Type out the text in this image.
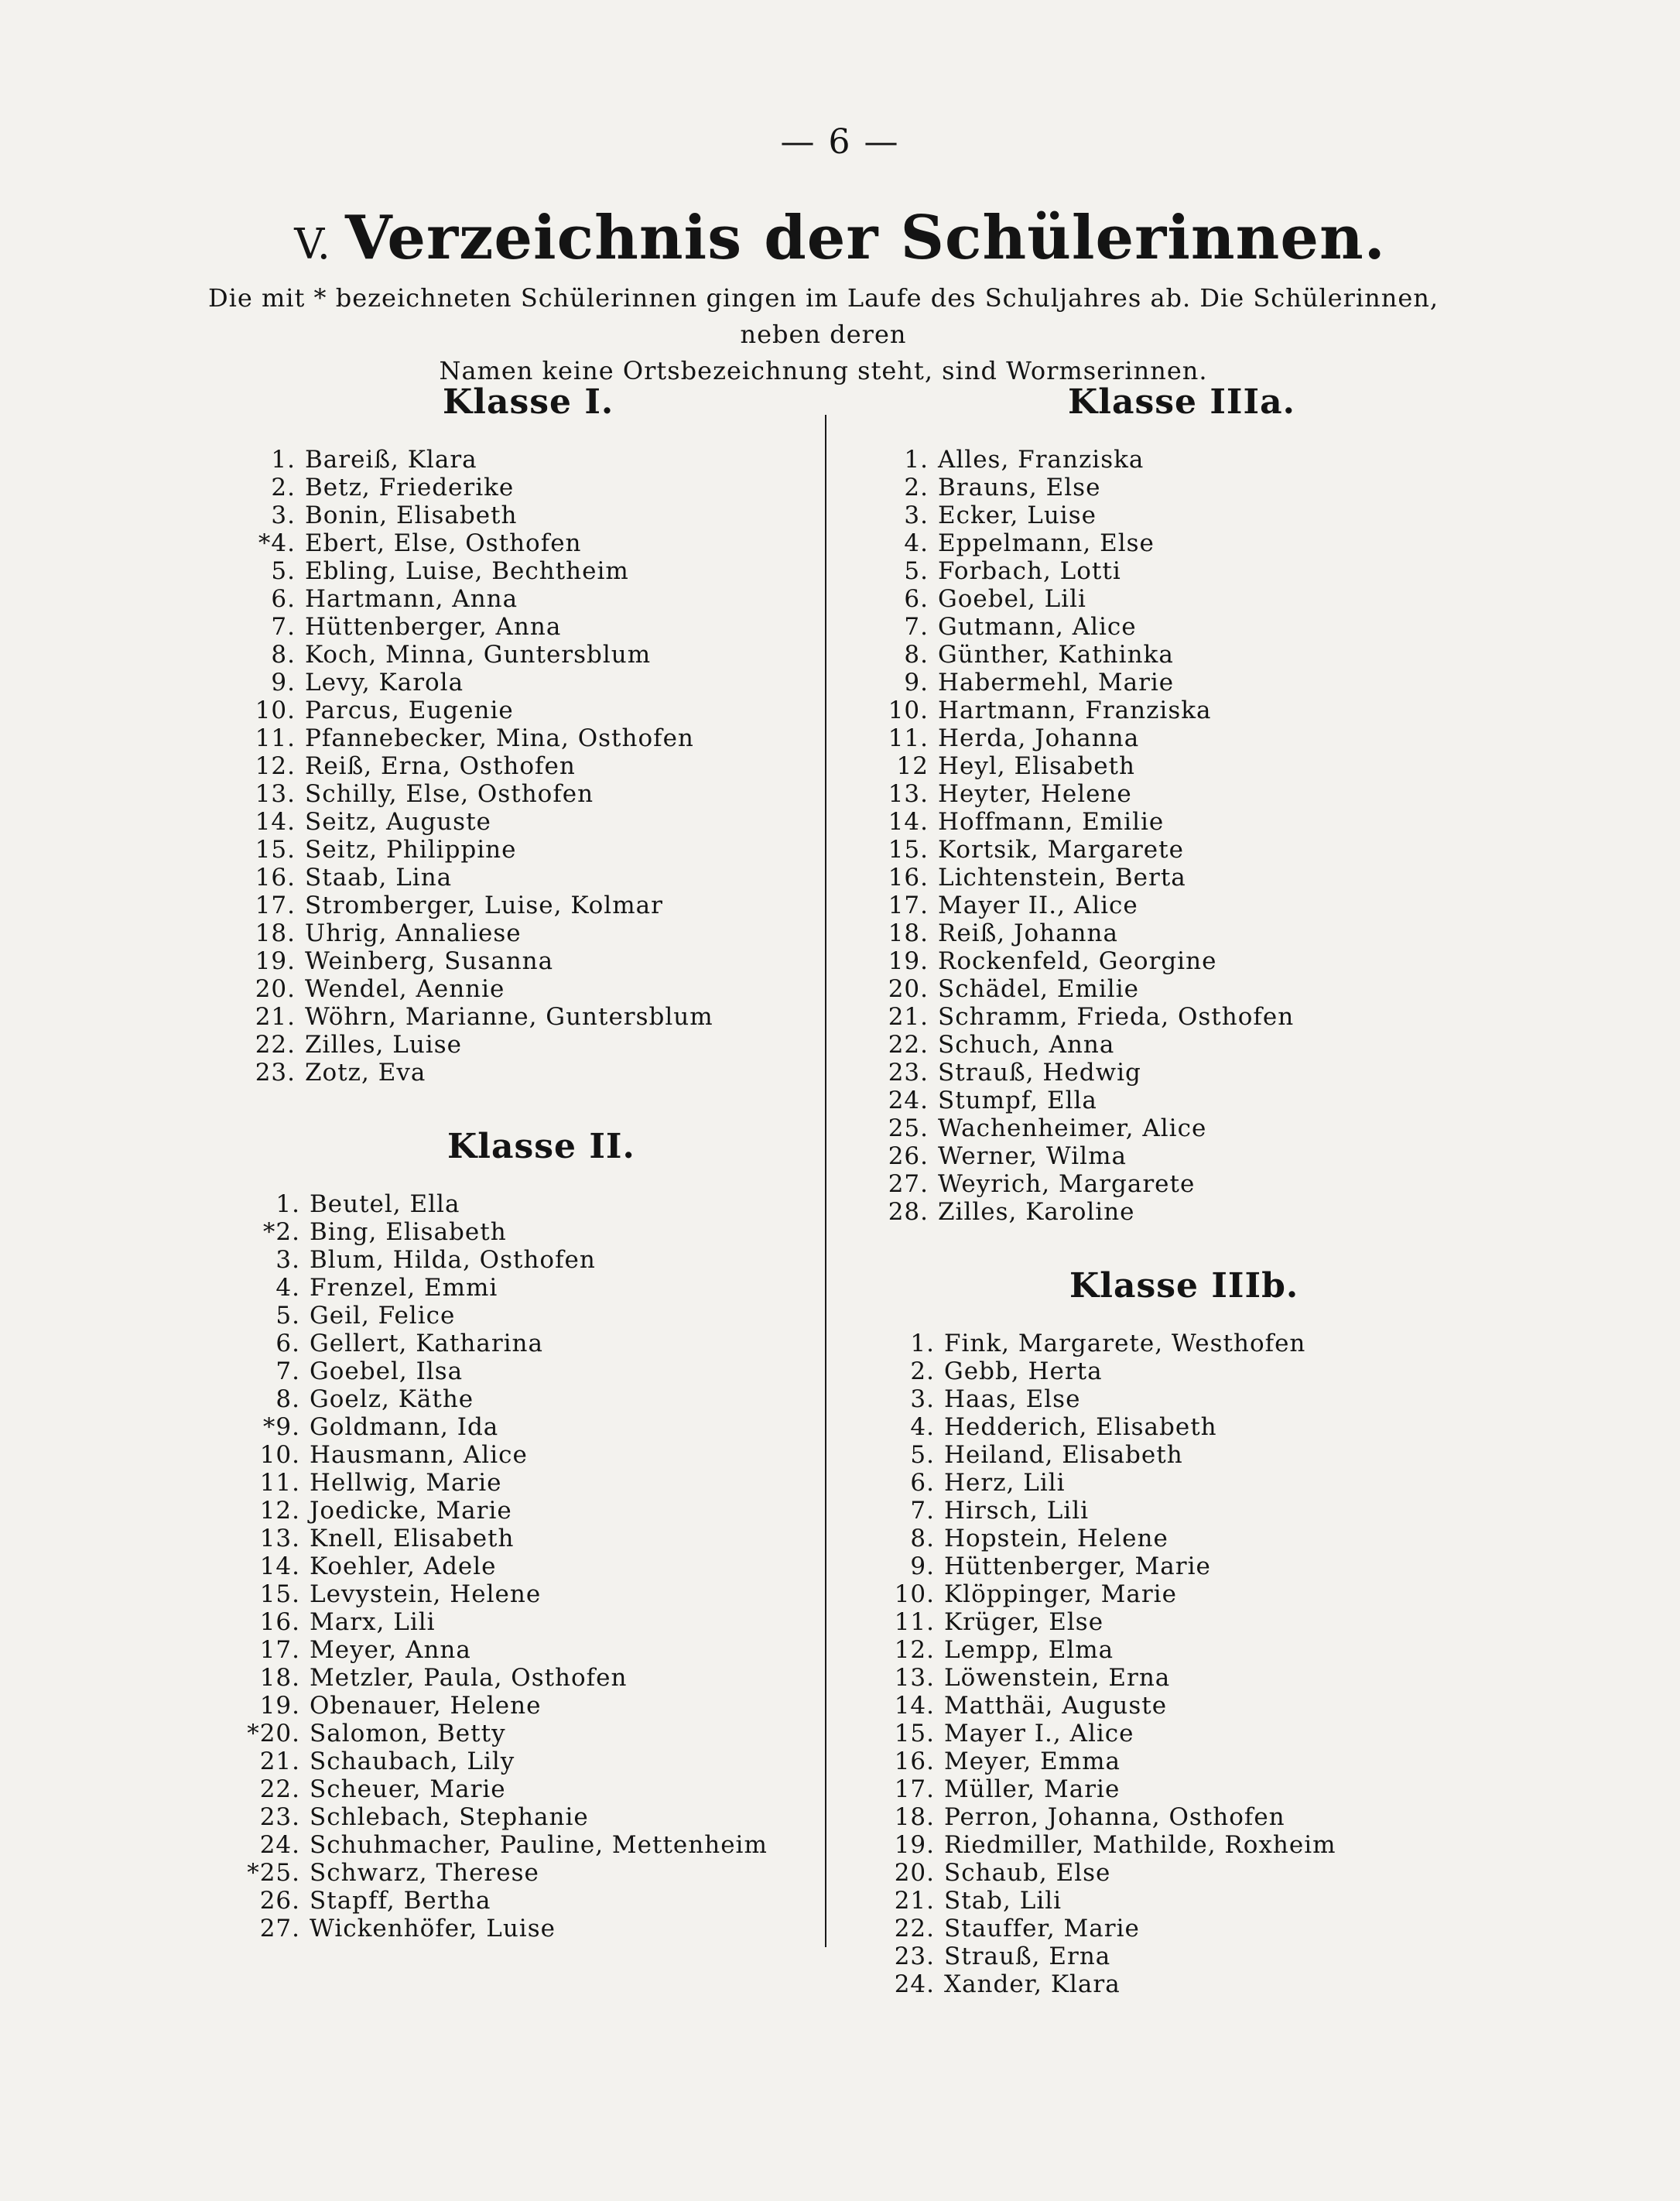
— 6 —
V. Verzeichnis der Schülerinnen.
Die mit * bezeichneten Schülerinnen gingen im Laufe des Schuljahres ab. Die Schülerinnen, neben deren
Namen keine Ortsbezeichnung steht, sind Wormserinnen.
Klasse I.
1. Bareiß, Klara
2. Betz, Friederike
3. Bonin, Elisabeth
*4. Ebert, Else, Osthofen
5. Ebling, Luise, Bechtheim
6. Hartmann, Anna
7. Hüttenberger, Anna
8. Koch, Minna, Guntersblum
9. Levy, Karola
10. Parcus, Eugenie
11. Pfannebecker, Mina, Osthofen
12. Reiß, Erna, Osthofen
13. Schilly, Else, Osthofen
14. Seitz, Auguste
15. Seitz, Philippine
16. Staab, Lina
17. Stromberger, Luise, Kolmar
18. Uhrig, Annaliese
19. Weinberg, Susanna
20. Wendel, Aennie
21. Wöhrn, Marianne, Guntersblum
22. Zilles, Luise
23. Zotz, Eva
Klasse II.
1. Beutel, Ella
*2. Bing, Elisabeth
3. Blum, Hilda, Osthofen
4. Frenzel, Emmi
5. Geil, Felice
6. Gellert, Katharina
7. Goebel, Ilsa
8. Goelz, Käthe
*9. Goldmann, Ida
10. Hausmann, Alice
11. Hellwig, Marie
12. Joedicke, Marie
13. Knell, Elisabeth
14. Koehler, Adele
15. Levystein, Helene
16. Marx, Lili
17. Meyer, Anna
18. Metzler, Paula, Osthofen
19. Obenauer, Helene
*20. Salomon, Betty
21. Schaubach, Lily
22. Scheuer, Marie
23. Schlebach, Stephanie
24. Schuhmacher, Pauline, Mettenheim
*25. Schwarz, Therese
26. Stapff, Bertha
27. Wickenhöfer, Luise
Klasse IIIa.
1. Alles, Franziska
2. Brauns, Else
3. Ecker, Luise
4. Eppelmann, Else
5. Forbach, Lotti
6. Goebel, Lili
7. Gutmann, Alice
8. Günther, Kathinka
9. Habermehl, Marie
10. Hartmann, Franziska
11. Herda, Johanna
12 Heyl, Elisabeth
13. Heyter, Helene
14. Hoffmann, Emilie
15. Kortsik, Margarete
16. Lichtenstein, Berta
17. Mayer II., Alice
18. Reiß, Johanna
19. Rockenfeld, Georgine
20. Schädel, Emilie
21. Schramm, Frieda, Osthofen
22. Schuch, Anna
23. Strauß, Hedwig
24. Stumpf, Ella
25. Wachenheimer, Alice
26. Werner, Wilma
27. Weyrich, Margarete
28. Zilles, Karoline
Klasse IIIb.
1. Fink, Margarete, Westhofen
2. Gebb, Herta
3. Haas, Else
4. Hedderich, Elisabeth
5. Heiland, Elisabeth
6. Herz, Lili
7. Hirsch, Lili
8. Hopstein, Helene
9. Hüttenberger, Marie
10. Klöppinger, Marie
11. Krüger, Else
12. Lempp, Elma
13. Löwenstein, Erna
14. Matthäi, Auguste
15. Mayer I., Alice
16. Meyer, Emma
17. Müller, Marie
18. Perron, Johanna, Osthofen
19. Riedmiller, Mathilde, Roxheim
20. Schaub, Else
21. Stab, Lili
22. Stauffer, Marie
23. Strauß, Erna
24. Xander, Klara
